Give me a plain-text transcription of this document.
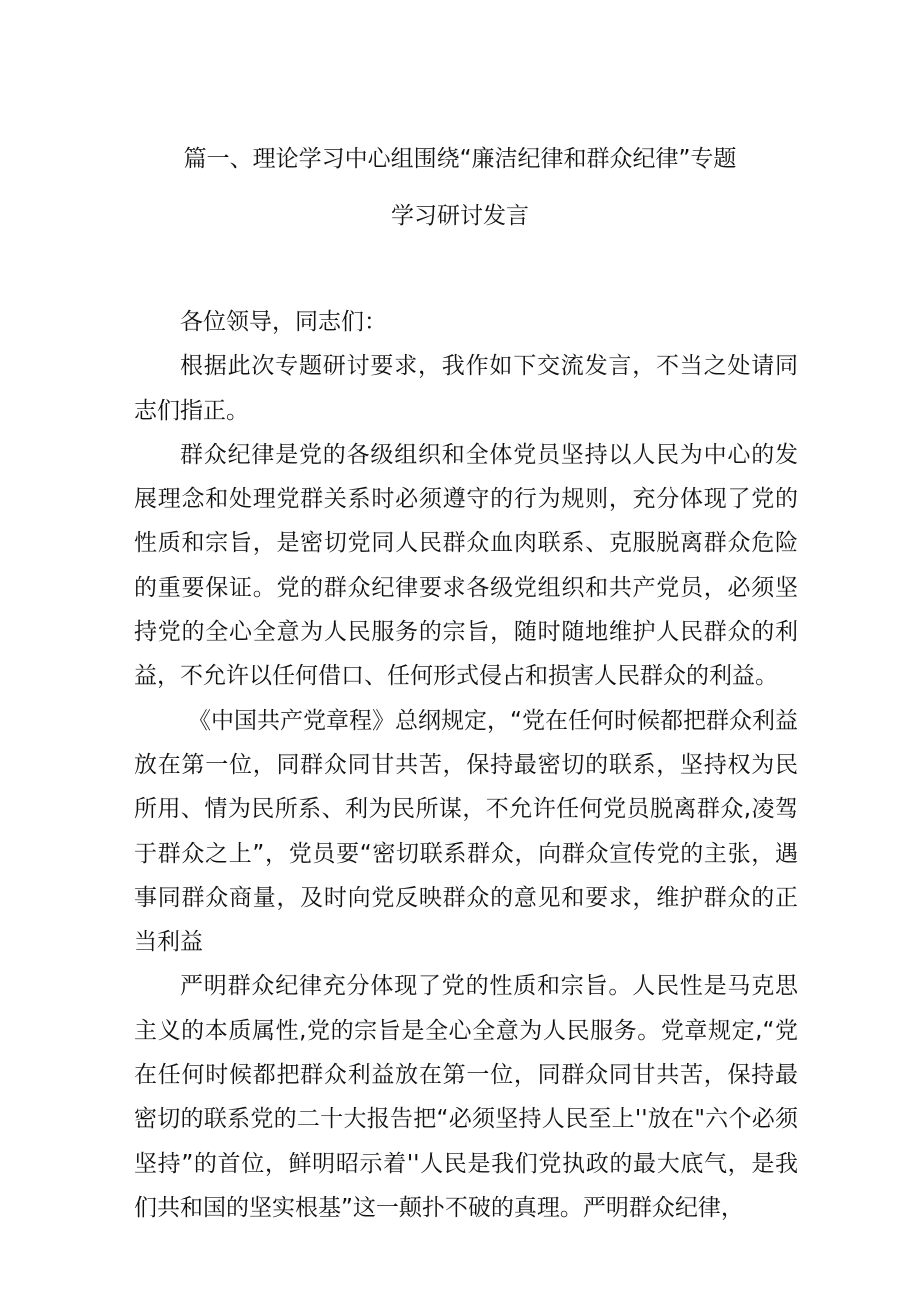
篇一、理论学习中心组围绕“廉洁纪律和群众纪律”专题
学习研讨发言

各位领导，同志们：

根据此次专题研讨要求，我作如下交流发言，不当之处请同志们指正。

群众纪律是党的各级组织和全体党员坚持以人民为中心的发展理念和处理党群关系时必须遵守的行为规则，充分体现了党的性质和宗旨，是密切党同人民群众血肉联系、克服脱离群众危险的重要保证。党的群众纪律要求各级党组织和共产党员，必须坚持党的全心全意为人民服务的宗旨，随时随地维护人民群众的利益，不允许以任何借口、任何形式侵占和损害人民群众的利益。

《中国共产党章程》总纲规定，“党在任何时候都把群众利益放在第一位，同群众同甘共苦，保持最密切的联系，坚持权为民所用、情为民所系、利为民所谋，不允许任何党员脱离群众,凌驾于群众之上”，党员要“密切联系群众，向群众宣传党的主张，遇事同群众商量，及时向党反映群众的意见和要求，维护群众的正当利益

严明群众纪律充分体现了党的性质和宗旨。人民性是马克思主义的本质属性,党的宗旨是全心全意为人民服务。党章规定,“党在任何时候都把群众利益放在第一位，同群众同甘共苦，保持最密切的联系党的二十大报告把“必须坚持人民至上''放在"六个必须坚持”的首位，鲜明昭示着''人民是我们党执政的最大底气，是我们共和国的坚实根基”这一颠扑不破的真理。严明群众纪律，
